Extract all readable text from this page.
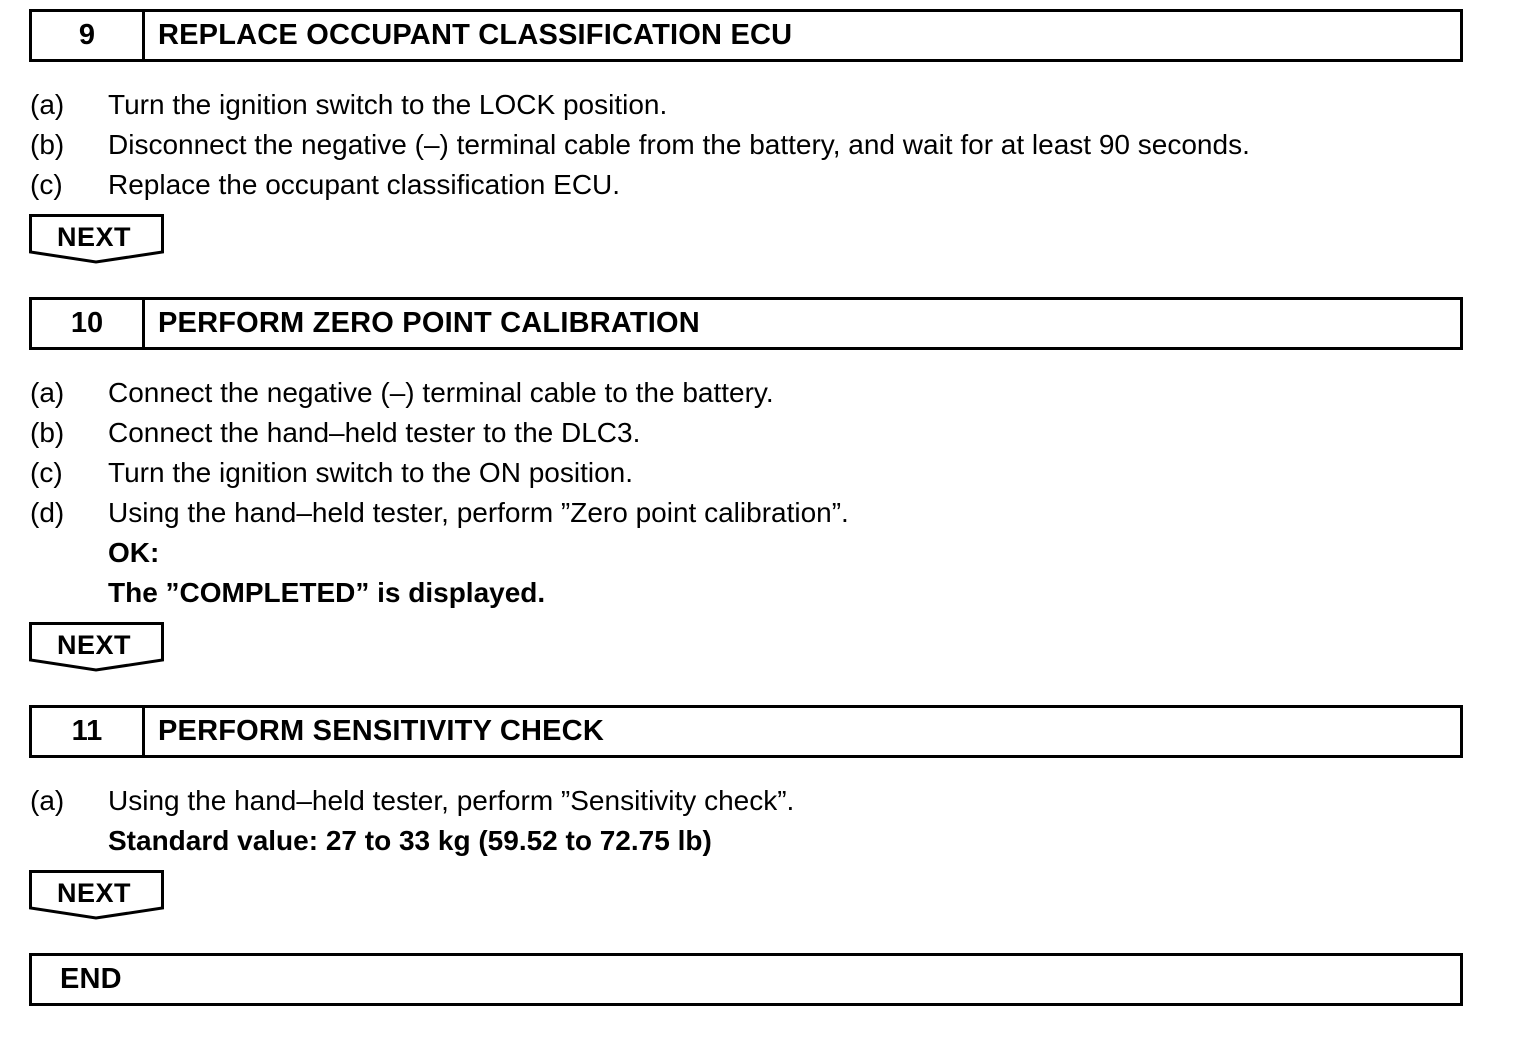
9	REPLACE OCCUPANT CLASSIFICATION ECU
(a) Turn the ignition switch to the LOCK position.
(b) Disconnect the negative (–) terminal cable from the battery, and wait for at least 90 seconds.
(c) Replace the occupant classification ECU.
NEXT
10	PERFORM ZERO POINT CALIBRATION
(a) Connect the negative (–) terminal cable to the battery.
(b) Connect the hand–held tester to the DLC3.
(c) Turn the ignition switch to the ON position.
(d) Using the hand–held tester, perform ”Zero point calibration”.
OK:
The ”COMPLETED” is displayed.
NEXT
11	PERFORM SENSITIVITY CHECK
(a) Using the hand–held tester, perform ”Sensitivity check”.
Standard value: 27 to 33 kg (59.52 to 72.75 lb)
NEXT
END
